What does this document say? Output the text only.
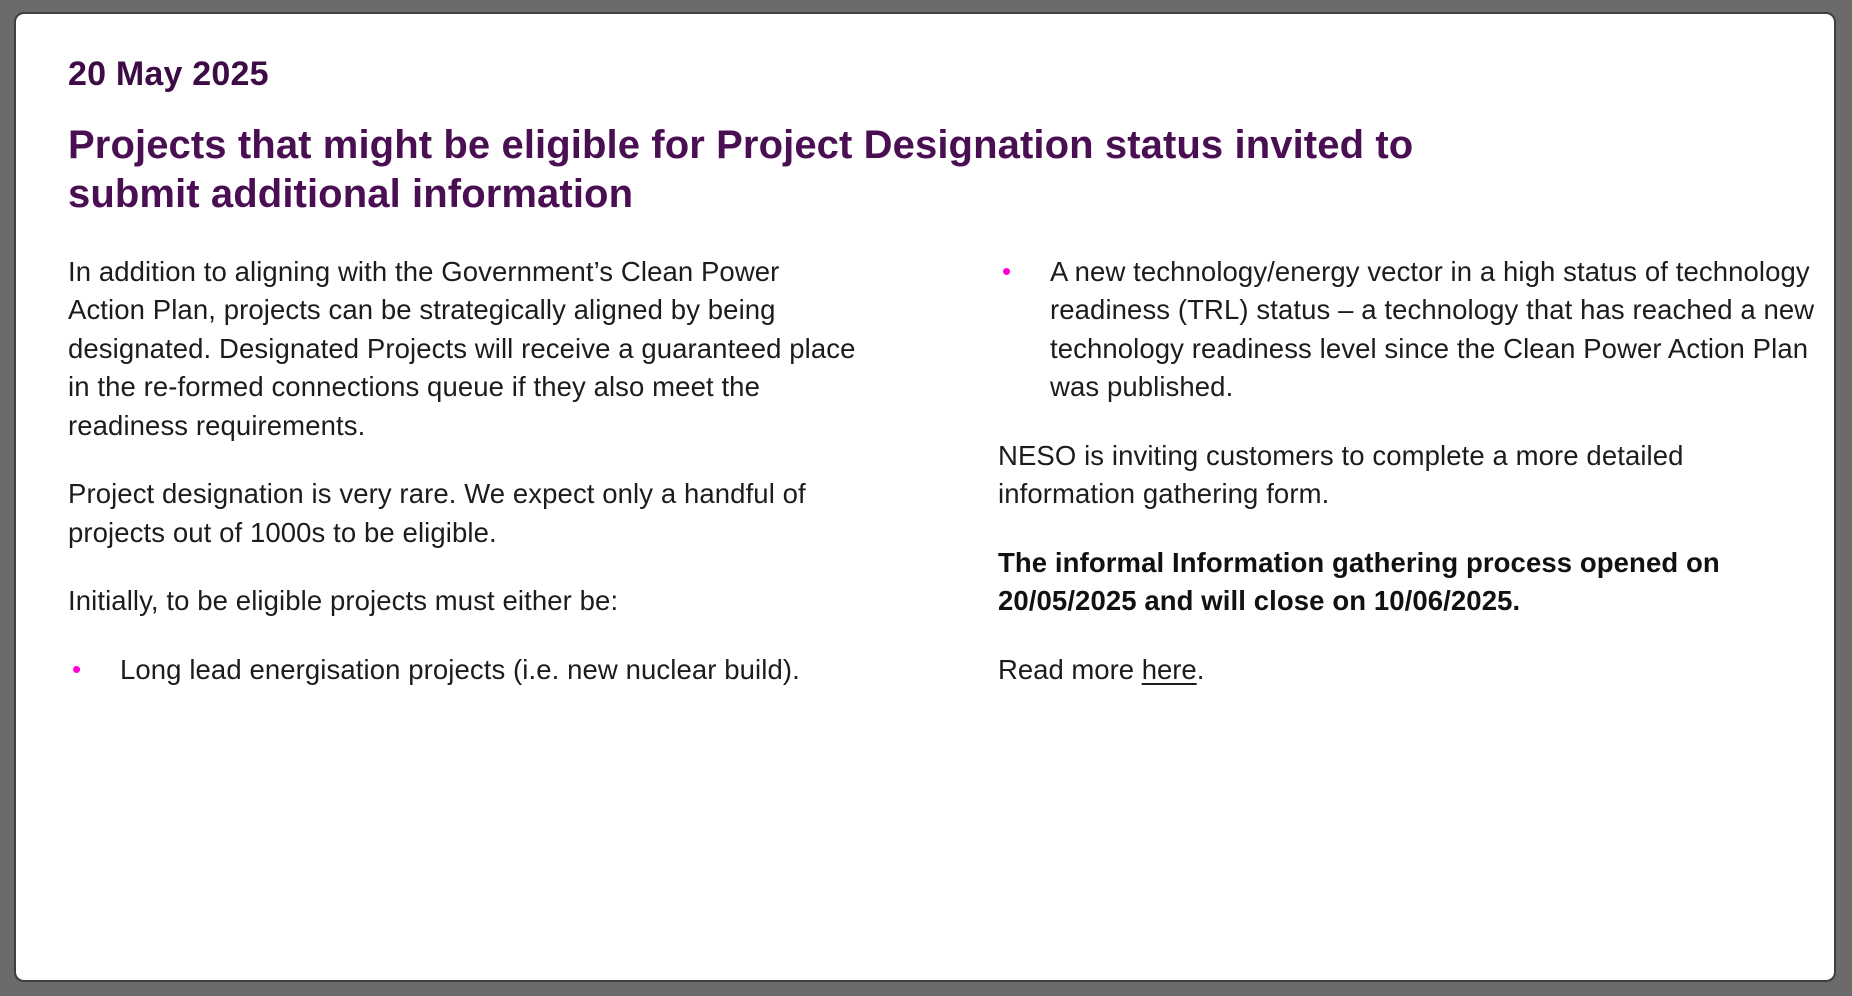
20 May 2025
Projects that might be eligible for Project Designation status invited to submit additional information

In addition to aligning with the Government’s Clean Power Action Plan, projects can be strategically aligned by being designated. Designated Projects will receive a guaranteed place in the re-formed connections queue if they also meet the readiness requirements.

Project designation is very rare. We expect only a handful of projects out of 1000s to be eligible.

Initially, to be eligible projects must either be:

•	Long lead energisation projects (i.e. new nuclear build).
•	A new technology/energy vector in a high status of technology readiness (TRL) status – a technology that has reached a new technology readiness level since the Clean Power Action Plan was published.

NESO is inviting customers to complete a more detailed information gathering form.

The informal Information gathering process opened on 20/05/2025 and will close on 10/06/2025.

Read more here.
